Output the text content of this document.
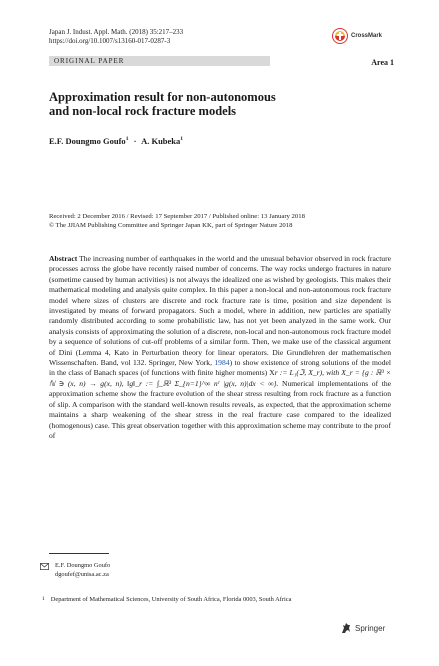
Japan J. Indust. Appl. Math. (2018) 35:217–233
https://doi.org/10.1007/s13160-017-0287-3
CrossMark
ORIGINAL PAPER	Area 1
Approximation result for non-autonomous
and non-local rock fracture models
E.F. Doungmo Goufo$^1$ · A. Kubeka$^1$
Received: 2 December 2016 / Revised: 17 September 2017 / Published online: 13 January 2018
© The JJIAM Publishing Committee and Springer Japan KK, part of Springer Nature 2018
Abstract The increasing number of earthquakes in the world and the unusual behavior observed in rock fracture processes across the globe have recently raised number of concerns. The way rocks undergo fractures in nature (sometime caused by human activities) is not always the idealized one as wished by geologists. This makes their mathematical modeling and analysis quite complex. In this paper a non-local and non-autonomous rock fracture model where sizes of clusters are discrete and rock fracture rate is time, position and size dependent is investigated by means of forward propagators. Such a model, where in addition, new particles are spatially randomly distributed according to some probabilistic law, has not yet been analyzed in the same work. Our analysis consists of approximating the solution of a discrete, non-local and non-autonomous rock fracture model by a sequence of solutions of cut-off problems of a similar form. Then, we make use of the classical argument of Dini (Lemma 4, Kato in Perturbation theory for linear operators. Die Grundlehren der mathematischen Wissenschaften. Band, vol 132. Springer, New York, 1984) to show existence of strong solutions of the model in the class of Banach spaces (of functions with finite higher moments) Xr := L₁(ℑ, X_r), with X_r = {g : ℝ³ × ℕ ∋ (x, n) → g(x, n), ‖g‖_r := ∫_ℝ³ Σ_{n=1}^∞ nʳ |g(x, n)|dx < ∞}. Numerical implementations of the approximation scheme show the fracture evolution of the shear stress resulting from rock fracture as a function of slip. A comparison with the standard well-known results reveals, as expected, that the approximation scheme maintains a sharp weakening of the shear stress in the real fracture case compared to the idealized (homogenous) case. This great observation together with this approximation scheme may contribute to the proof of
E.F. Doungmo Goufo
dgoufef@unisa.ac.za
1 Department of Mathematical Sciences, University of South Africa, Florida 0003, South Africa
Springer
